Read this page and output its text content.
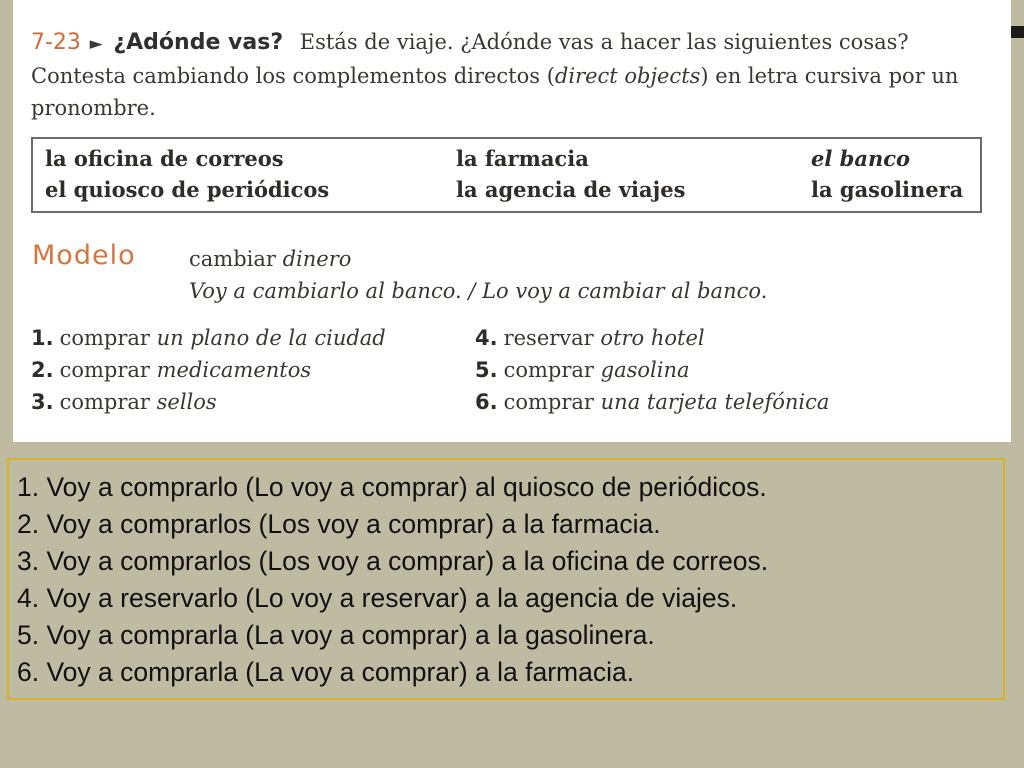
7-23 ► ¿Adónde vas? Estás de viaje. ¿Adónde vas a hacer las siguientes cosas? Contesta cambiando los complementos directos (direct objects) en letra cursiva por un pronombre.
la oficina de correos
el quiosco de periódicos
la farmacia
la agencia de viajes
el banco
la gasolinera
Modelo	cambiar dinero
Voy a cambiarlo al banco. / Lo voy a cambiar al banco.
1. comprar un plano de la ciudad
2. comprar medicamentos
3. comprar sellos
4. reservar otro hotel
5. comprar gasolina
6. comprar una tarjeta telefónica
1. Voy a comprarlo (Lo voy a comprar) al quiosco de periódicos.
2. Voy a comprarlos (Los voy a comprar) a la farmacia.
3. Voy a comprarlos (Los voy a comprar) a la oficina de correos.
4. Voy a reservarlo (Lo voy a reservar) a la agencia de viajes.
5. Voy a comprarla (La voy a comprar) a la gasolinera.
6. Voy a comprarla (La voy a comprar) a la farmacia.
